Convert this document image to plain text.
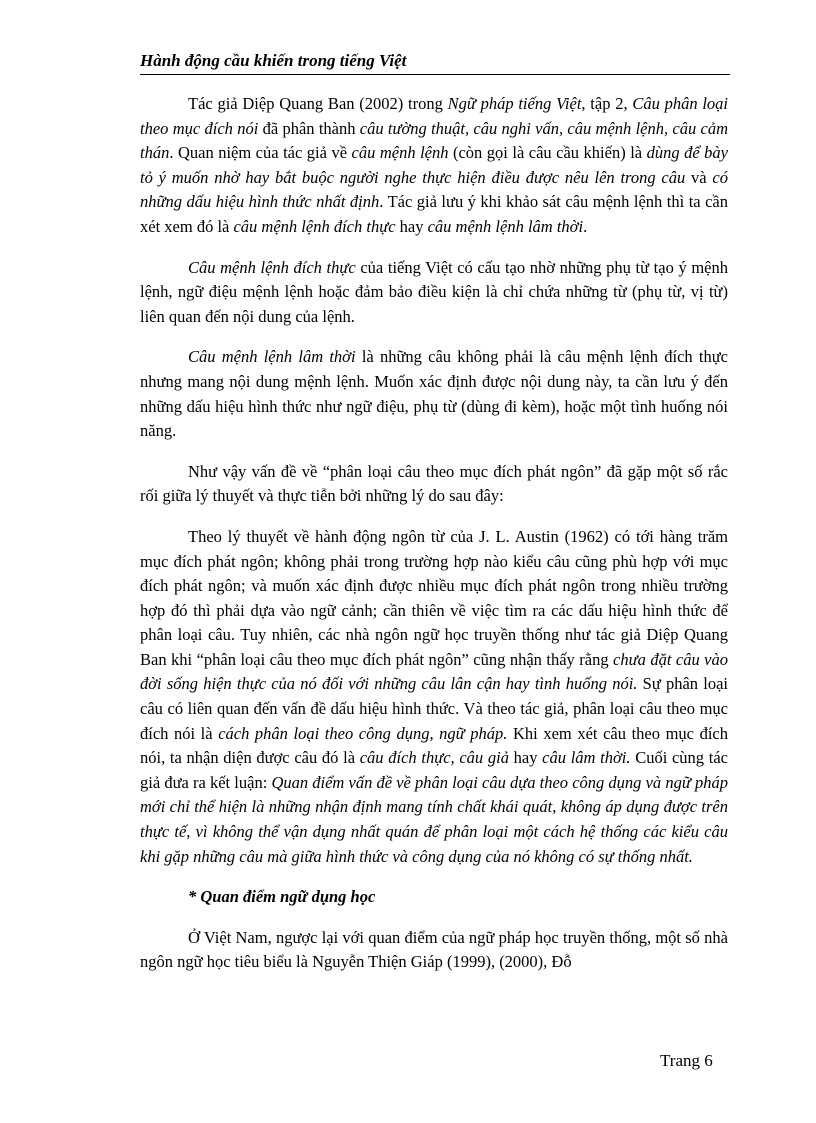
Hành động cầu khiến trong tiếng Việt

Tác giả Diệp Quang Ban (2002) trong Ngữ pháp tiếng Việt, tập 2, Câu phân loại theo mục đích nói đã phân thành câu tường thuật, câu nghi vấn, câu mệnh lệnh, câu cảm thán. Quan niệm của tác giả về câu mệnh lệnh (còn gọi là câu cầu khiến) là dùng để bày tỏ ý muốn nhờ hay bắt buộc người nghe thực hiện điều được nêu lên trong câu và có những dấu hiệu hình thức nhất định. Tác giả lưu ý khi khảo sát câu mệnh lệnh thì ta cần xét xem đó là câu mệnh lệnh đích thực hay câu mệnh lệnh lâm thời.

Câu mệnh lệnh đích thực của tiếng Việt có cấu tạo nhờ những phụ từ tạo ý mệnh lệnh, ngữ điệu mệnh lệnh hoặc đảm bảo điều kiện là chỉ chứa những từ (phụ từ, vị từ) liên quan đến nội dung của lệnh.

Câu mệnh lệnh lâm thời là những câu không phải là câu mệnh lệnh đích thực nhưng mang nội dung mệnh lệnh. Muốn xác định được nội dung này, ta cần lưu ý đến những dấu hiệu hình thức như ngữ điệu, phụ từ (dùng đi kèm), hoặc một tình huống nói năng.

Như vậy vấn đề về “phân loại câu theo mục đích phát ngôn” đã gặp một số rắc rối giữa lý thuyết và thực tiễn bởi những lý do sau đây:

Theo lý thuyết về hành động ngôn từ của J. L. Austin (1962) có tới hàng trăm mục đích phát ngôn; không phải trong trường hợp nào kiểu câu cũng phù hợp với mục đích phát ngôn; và muốn xác định được nhiều mục đích phát ngôn trong nhiều trường hợp đó thì phải dựa vào ngữ cảnh; cần thiên về việc tìm ra các dấu hiệu hình thức để phân loại câu. Tuy nhiên, các nhà ngôn ngữ học truyền thống như tác giả Diệp Quang Ban khi “phân loại câu theo mục đích phát ngôn” cũng nhận thấy rằng chưa đặt câu vào đời sống hiện thực của nó đối với những câu lân cận hay tình huống nói. Sự phân loại câu có liên quan đến vấn đề dấu hiệu hình thức. Và theo tác giả, phân loại câu theo mục đích nói là cách phân loại theo công dụng, ngữ pháp. Khi xem xét câu theo mục đích nói, ta nhận diện được câu đó là câu đích thực, câu giả hay câu lâm thời. Cuối cùng tác giả đưa ra kết luận: Quan điểm vấn đề về phân loại câu dựa theo công dụng và ngữ pháp mới chỉ thể hiện là những nhận định mang tính chất khái quát, không áp dụng được trên thực tế, vì không thể vận dụng nhất quán để phân loại một cách hệ thống các kiểu câu khi gặp những câu mà giữa hình thức và công dụng của nó không có sự thống nhất.

* Quan điểm ngữ dụng học

Ở Việt Nam, ngược lại với quan điểm của ngữ pháp học truyền thống, một số nhà ngôn ngữ học tiêu biểu là Nguyễn Thiện Giáp (1999), (2000), Đỗ

Trang 6
